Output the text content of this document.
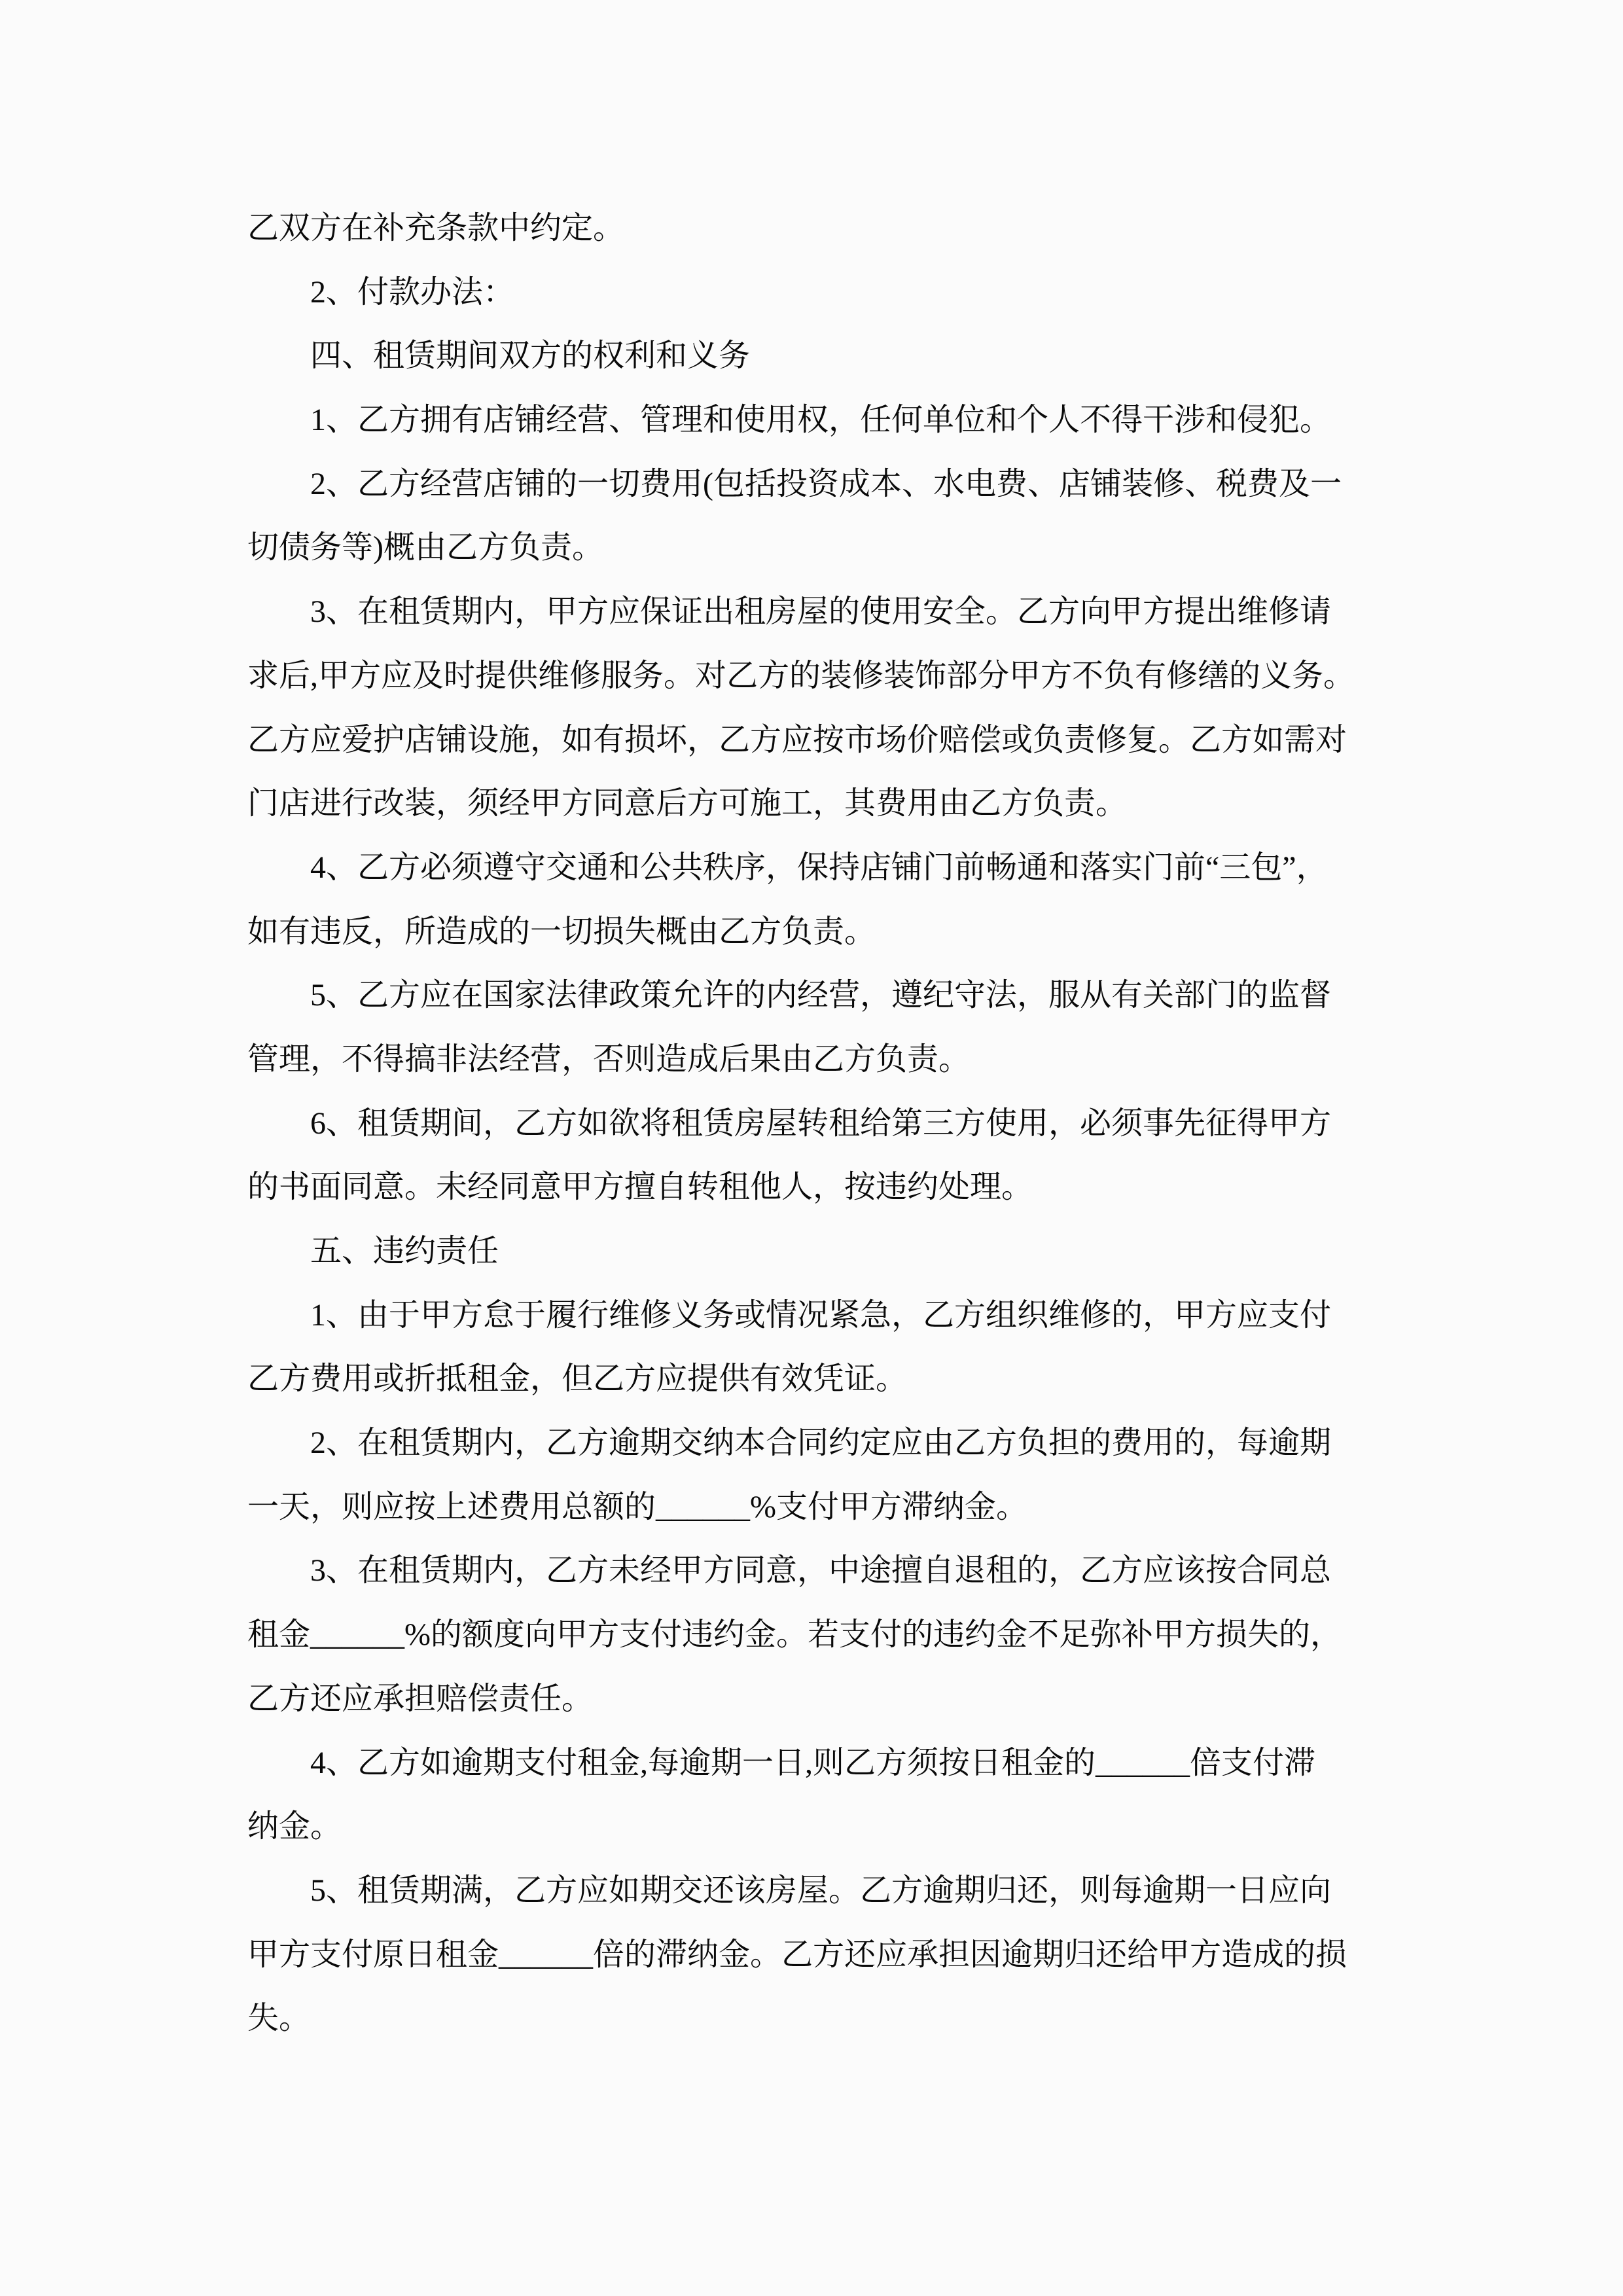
乙双方在补充条款中约定。
2、付款办法：
四、租赁期间双方的权利和义务
1、乙方拥有店铺经营、管理和使用权，任何单位和个人不得干涉和侵犯。
2、乙方经营店铺的一切费用(包括投资成本、水电费、店铺装修、税费及一
切债务等)概由乙方负责。
3、在租赁期内，甲方应保证出租房屋的使用安全。乙方向甲方提出维修请
求后,甲方应及时提供维修服务。对乙方的装修装饰部分甲方不负有修缮的义务。
乙方应爱护店铺设施，如有损坏，乙方应按市场价赔偿或负责修复。乙方如需对
门店进行改装，须经甲方同意后方可施工，其费用由乙方负责。
4、乙方必须遵守交通和公共秩序，保持店铺门前畅通和落实门前“三包”，
如有违反，所造成的一切损失概由乙方负责。
5、乙方应在国家法律政策允许的内经营，遵纪守法，服从有关部门的监督
管理，不得搞非法经营，否则造成后果由乙方负责。
6、租赁期间，乙方如欲将租赁房屋转租给第三方使用，必须事先征得甲方
的书面同意。未经同意甲方擅自转租他人，按违约处理。
五、违约责任
1、由于甲方怠于履行维修义务或情况紧急，乙方组织维修的，甲方应支付
乙方费用或折抵租金，但乙方应提供有效凭证。
2、在租赁期内，乙方逾期交纳本合同约定应由乙方负担的费用的，每逾期
一天，则应按上述费用总额的______%支付甲方滞纳金。
3、在租赁期内，乙方未经甲方同意，中途擅自退租的，乙方应该按合同总
租金______%的额度向甲方支付违约金。若支付的违约金不足弥补甲方损失的，
乙方还应承担赔偿责任。
4、乙方如逾期支付租金,每逾期一日,则乙方须按日租金的______倍支付滞
纳金。
5、租赁期满，乙方应如期交还该房屋。乙方逾期归还，则每逾期一日应向
甲方支付原日租金______倍的滞纳金。乙方还应承担因逾期归还给甲方造成的损
失。
